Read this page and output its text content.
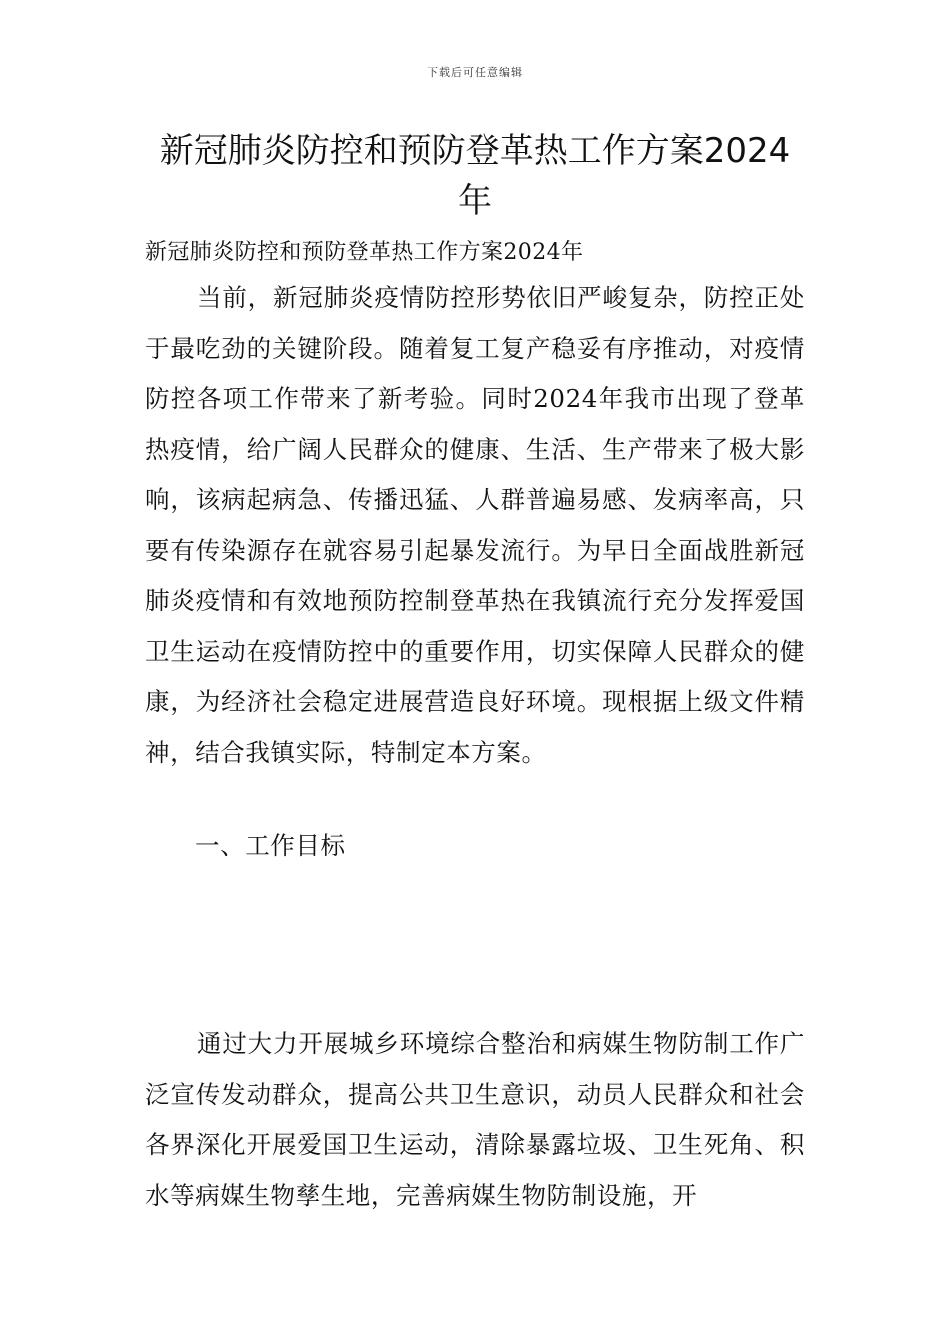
下载后可任意编辑
新冠肺炎防控和预防登革热工作方案2024年
新冠肺炎防控和预防登革热工作方案2024年
当前，新冠肺炎疫情防控形势依旧严峻复杂，防控正处于最吃劲的关键阶段。随着复工复产稳妥有序推动，对疫情防控各项工作带来了新考验。同时2024年我市出现了登革热疫情，给广阔人民群众的健康、生活、生产带来了极大影响，该病起病急、传播迅猛、人群普遍易感、发病率高，只要有传染源存在就容易引起暴发流行。为早日全面战胜新冠肺炎疫情和有效地预防控制登革热在我镇流行充分发挥爱国卫生运动在疫情防控中的重要作用，切实保障人民群众的健康，为经济社会稳定进展营造良好环境。现根据上级文件精神，结合我镇实际，特制定本方案。
一、工作目标
通过大力开展城乡环境综合整治和病媒生物防制工作广泛宣传发动群众，提高公共卫生意识，动员人民群众和社会各界深化开展爱国卫生运动，清除暴露垃圾、卫生死角、积水等病媒生物孳生地，完善病媒生物防制设施，开
